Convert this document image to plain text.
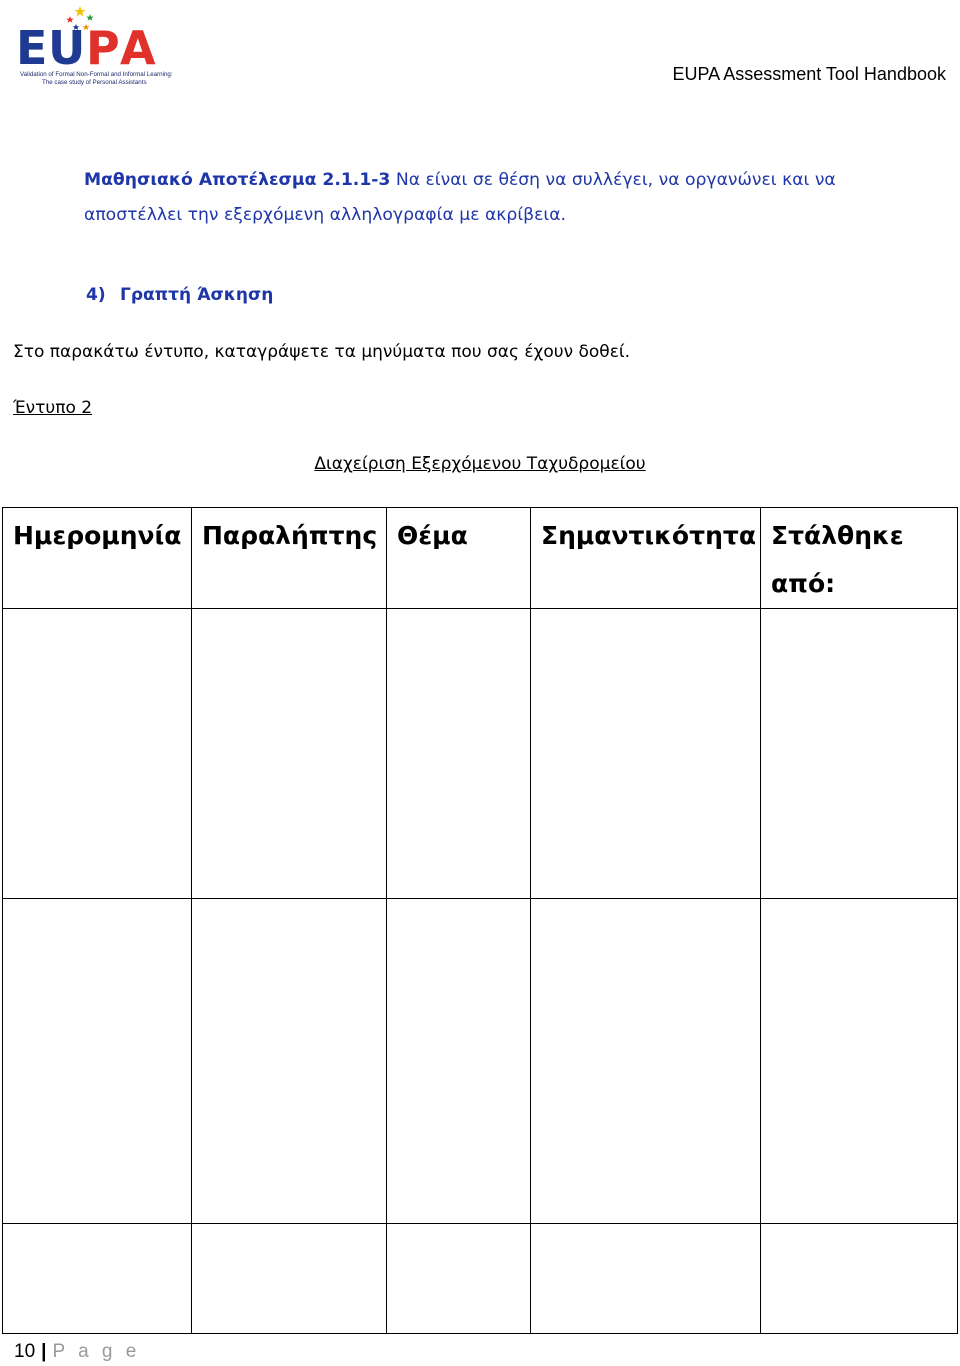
E U P A
Validation of Formal Non-Formal and Informal Learning:
The case study of Personal Assistants	EUPA Assessment Tool Handbook
Μαθησιακό Αποτέλεσμα 2.1.1-3 Να είναι σε θέση να συλλέγει, να οργανώνει και να αποστέλλει την εξερχόμενη αλληλογραφία με ακρίβεια.
4) Γραπτή Άσκηση
Στο παρακάτω έντυπο, καταγράψετε τα μηνύματα που σας έχουν δοθεί.
Έντυπο 2
Διαχείριση Εξερχόμενου Ταχυδρομείου
Ημερομηνία	Παραλήπτης	Θέμα	Σημαντικότητα	Στάλθηκε από:

10 | P a g e
